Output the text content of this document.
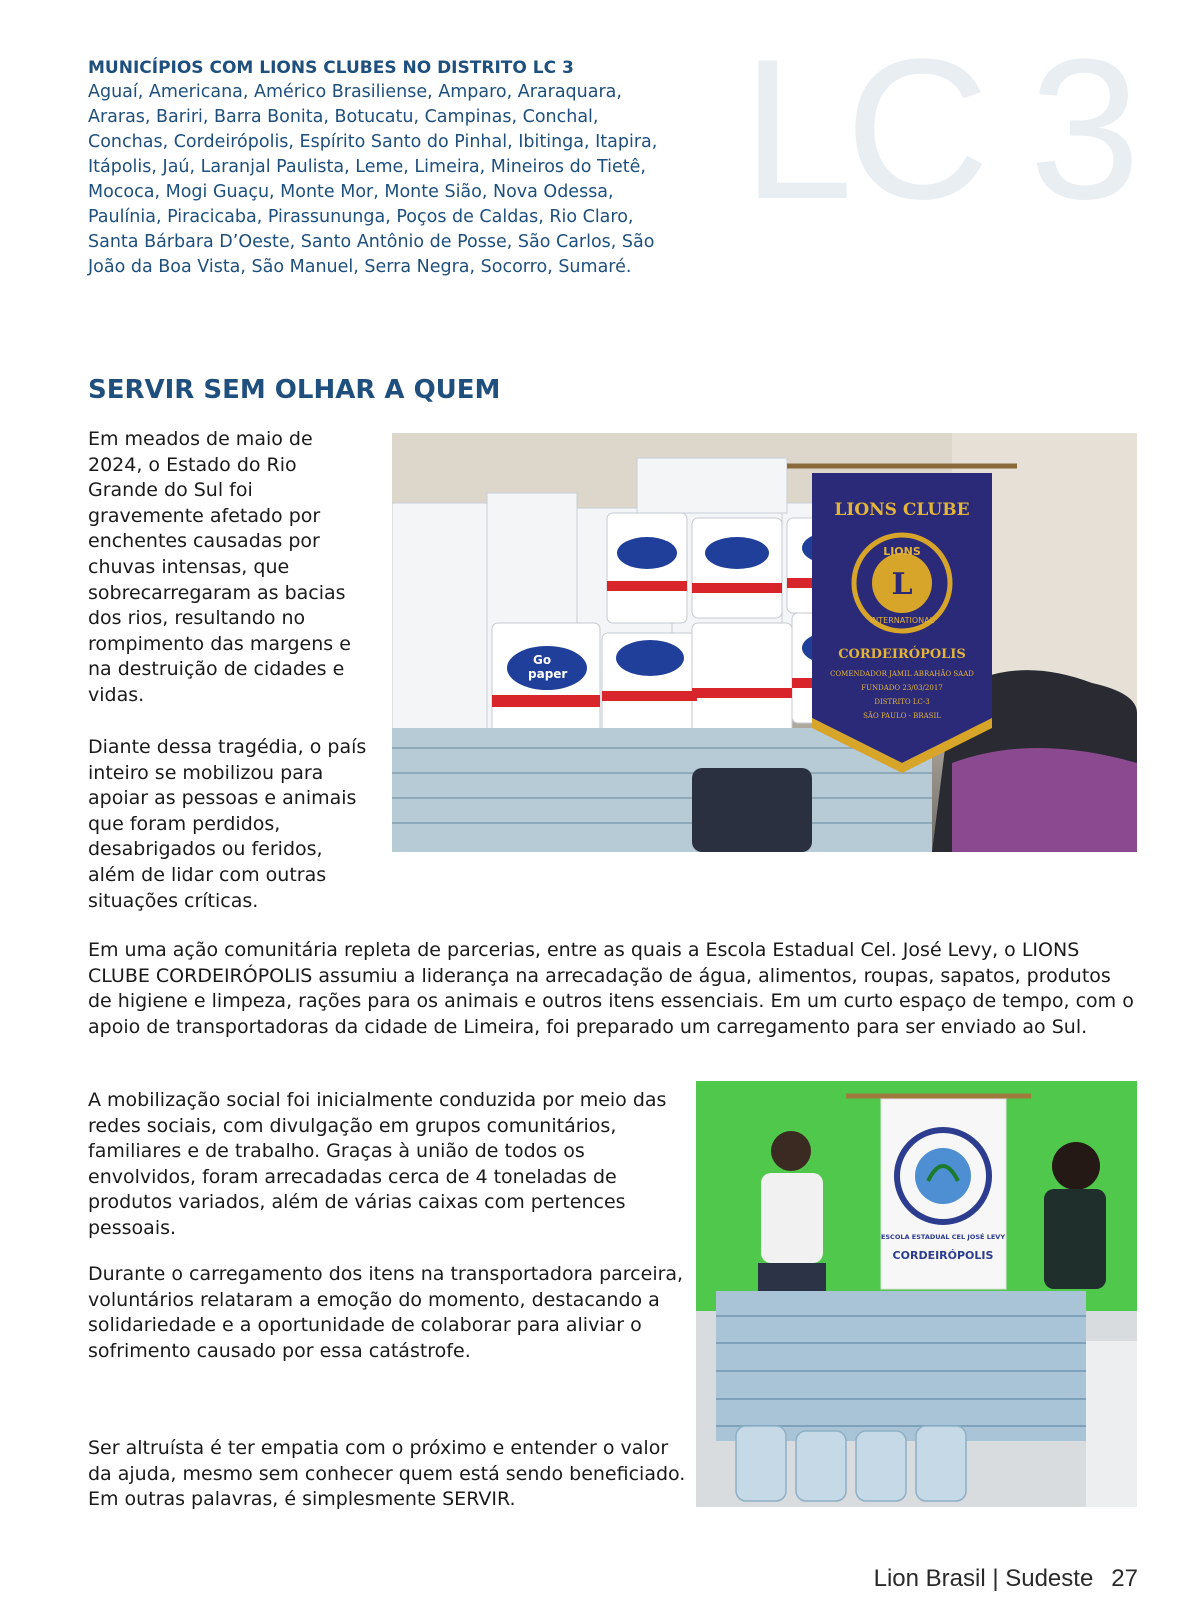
LC 3
MUNICÍPIOS COM LIONS CLUBES NO DISTRITO LC 3
Aguaí, Americana, Américo Brasiliense, Amparo, Araraquara,
Araras, Bariri, Barra Bonita, Botucatu, Campinas, Conchal,
Conchas, Cordeirópolis, Espírito Santo do Pinhal, Ibitinga, Itapira,
Itápolis, Jaú, Laranjal Paulista, Leme, Limeira, Mineiros do Tietê,
Mococa, Mogi Guaçu, Monte Mor, Monte Sião, Nova Odessa,
Paulínia, Piracicaba, Pirassununga, Poços de Caldas, Rio Claro,
Santa Bárbara D’Oeste, Santo Antônio de Posse, São Carlos, São
João da Boa Vista, São Manuel, Serra Negra, Socorro, Sumaré.
SERVIR SEM OLHAR A QUEM

Em meados de maio de 2024, o Estado do Rio Grande do Sul foi gravemente afetado por enchentes causadas por chuvas intensas, que sobrecarregaram as bacias dos rios, resultando no rompimento das margens e na destruição de cidades e vidas.

Diante dessa tragédia, o país inteiro se mobilizou para apoiar as pessoas e animais que foram perdidos, desabrigados ou feridos, além de lidar com outras situações críticas.

Go
paper
LIONS CLUBE
LIONS
L
INTERNATIONAL
CORDEIRÓPOLIS
COMENDADOR JAMIL ABRAHÃO SAAD
FUNDADO 23/03/2017
DISTRITO LC-3
SÃO PAULO - BRASIL

Em uma ação comunitária repleta de parcerias, entre as quais a Escola Estadual Cel. José Levy, o LIONS CLUBE CORDEIRÓPOLIS assumiu a liderança na arrecadação de água, alimentos, roupas, sapatos, produtos de higiene e limpeza, rações para os animais e outros itens essenciais. Em um curto espaço de tempo, com o apoio de transportadoras da cidade de Limeira, foi preparado um carregamento para ser enviado ao Sul.

ESCOLA ESTADUAL CEL JOSÉ LEVY
CORDEIRÓPOLIS

A mobilização social foi inicialmente conduzida por meio das redes sociais, com divulgação em grupos comunitários, familiares e de trabalho. Graças à união de todos os envolvidos, foram arrecadadas cerca de 4 toneladas de produtos variados, além de várias caixas com pertences pessoais.

Durante o carregamento dos itens na transportadora parceira, voluntários relataram a emoção do momento, destacando a solidariedade e a oportunidade de colaborar para aliviar o sofrimento causado por essa catástrofe.

Ser altruísta é ter empatia com o próximo e entender o valor da ajuda, mesmo sem conhecer quem está sendo beneficiado. Em outras palavras, é simplesmente SERVIR.

Lion Brasil | Sudeste 27
